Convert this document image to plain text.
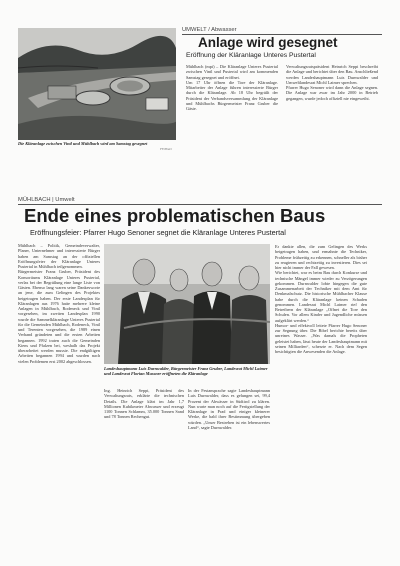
Die Kläranlage zwischen Vintl und Mühlbach wird am Samstag gesegnet
FF/Pinter
UMWELT / Abwasser
Anlage wird gesegnet
Eröffnung der Kläranlage Unteres Pustertal

Mühlbach (mpi) – Die Kläranlage Unteres Pustertal zwischen Vintl und Pustertal wird am kommenden Samstag gesegnet und eröffnet.
Um 17 Uhr öffnen die Tore der Kläranlage. Mitarbeiter der Anlage führen interessierte Bürger durch die Kläranlage. Ab 18 Uhr begrüßt der Präsident der Verbandsversammlung der Kläranlage und Mühlbachs Bürgermeister Franz Gruber die Gäste.

Verwaltungsratspräsident Heinrich Seppi beschreibt die Anlage und berichtet über den Bau. Anschließend werden Landeshauptmann Luis Durnwalder und Umweltlandesrat Michl Laimer sprechen.
Pfarrer Hugo Senoner wird dann die Anlage segnen. Die Anlage war zwar im Jahr 2000 in Betrieb gegangen, wurde jedoch offiziell nie eingeweiht.

MÜHLBACH | Umwelt
Ende eines problematischen Baus
Eröffnungsfeier: Pfarrer Hugo Senoner segnet die Kläranlage Unteres Pustertal

Mühlbach – Politik, Gemeindeverwalter, Planer, Unternehmer und interessierte Bürger haben am Samstag an der offiziellen Eröffnungsfeier der Kläranlage Unteres Pustertal in Mühlbach teilgenommen.
Bürgermeister Franz Gruber, Präsident des Konsortiums Kläranlage Unteres Pustertal, verlas bei der Begrüßung eine lange Liste von Gästen. Ebenso lang waren seine Dankesworte an jene, die zum Gelingen des Projektes beigetragen haben. Der erste Landesplan für Kläranlagen aus 1976 hatte mehrere kleine Anlagen in Mühlbach, Rodeneck und Vintl vorgesehen, im zweiten Landesplan 1990 wurde die Sammelkläranlage Unteres Pustertal für die Gemeinden Mühlbach, Rodeneck, Vintl und Terenten vorgesehen, die 1989 einen Verband gründeten und die ersten Arbeiten begannen. 1992 traten auch die Gemeinden Kiens und Pfalzen bei, weshalb das Projekt überarbeitet werden musste. Die endgültigen Arbeiten begannen 1994 und wurden nach vielen Problemen erst 2002 abgeschlossen.

Landeshauptmann Luis Durnwalder, Bürgermeister Franz Gruber, Landesrat Michl Laimer und Landesrat Florian Mussner eröffneten die Kläranlage

Ing. Heinrich Seppi, Präsident des Verwaltungsrats, erklärte die technischen Details. Die Anlage klärt im Jahr 1,7 Millionen Kubikmeter Abwasser und erzeugt 1100 Tonnen Schlamm, 35.000 Tonnen Sand und 78 Tonnen Rechengut.

In der Festansprache sagte Landeshauptmann Luis Durnwalder, dass es gelungen sei, 99,4 Prozent der Abwässer in Südtirol zu klären. Nun warte man noch auf die Fertigstellung der Kläranlage in Prad und einiger kleinerer Werke, die bald ihrer Bestimmung übergeben würden. „Unser Bestreben ist ein lebenswertes Land“, sagte Durnwalder.

Er dankte allen, die zum Gelingen des Werks beigetragen haben, und ermahnte die Techniker, Probleme frühzeitig zu erkennen, schneller als bisher zu reagieren und rechtzeitig zu investieren. Dies sei hier nicht immer der Fall gewesen.
Wie berichtet, war es beim Bau durch Konkurse und technische Mängel immer wieder zu Verzögerungen gekommen. Durnwalder lobte hingegen die gute Zusammenarbeit der Techniker mit dem Amt für Denkmalschutz. Die historische Mühlbacher Klause habe durch die Kläranlage keinen Schaden genommen. Landesrat Michl Laimer rief den Betreibern der Kläranlage „Offnet die Tore den Schulen. Vor allem Kinder und Jugendliche müssen aufgeklärt werden.“
Humor- und effektvoll leitete Pfarrer Hugo Senoner zur Segnung über. Die Bibel berichte bereits über unreines Wasser. „Was damals die Propheten geleistet haben, lässt heute der Landeshauptmann mit seinen Milliarden“, scherzte er. Nach dem Segen besichtigten die Anwesenden die Anlage.
